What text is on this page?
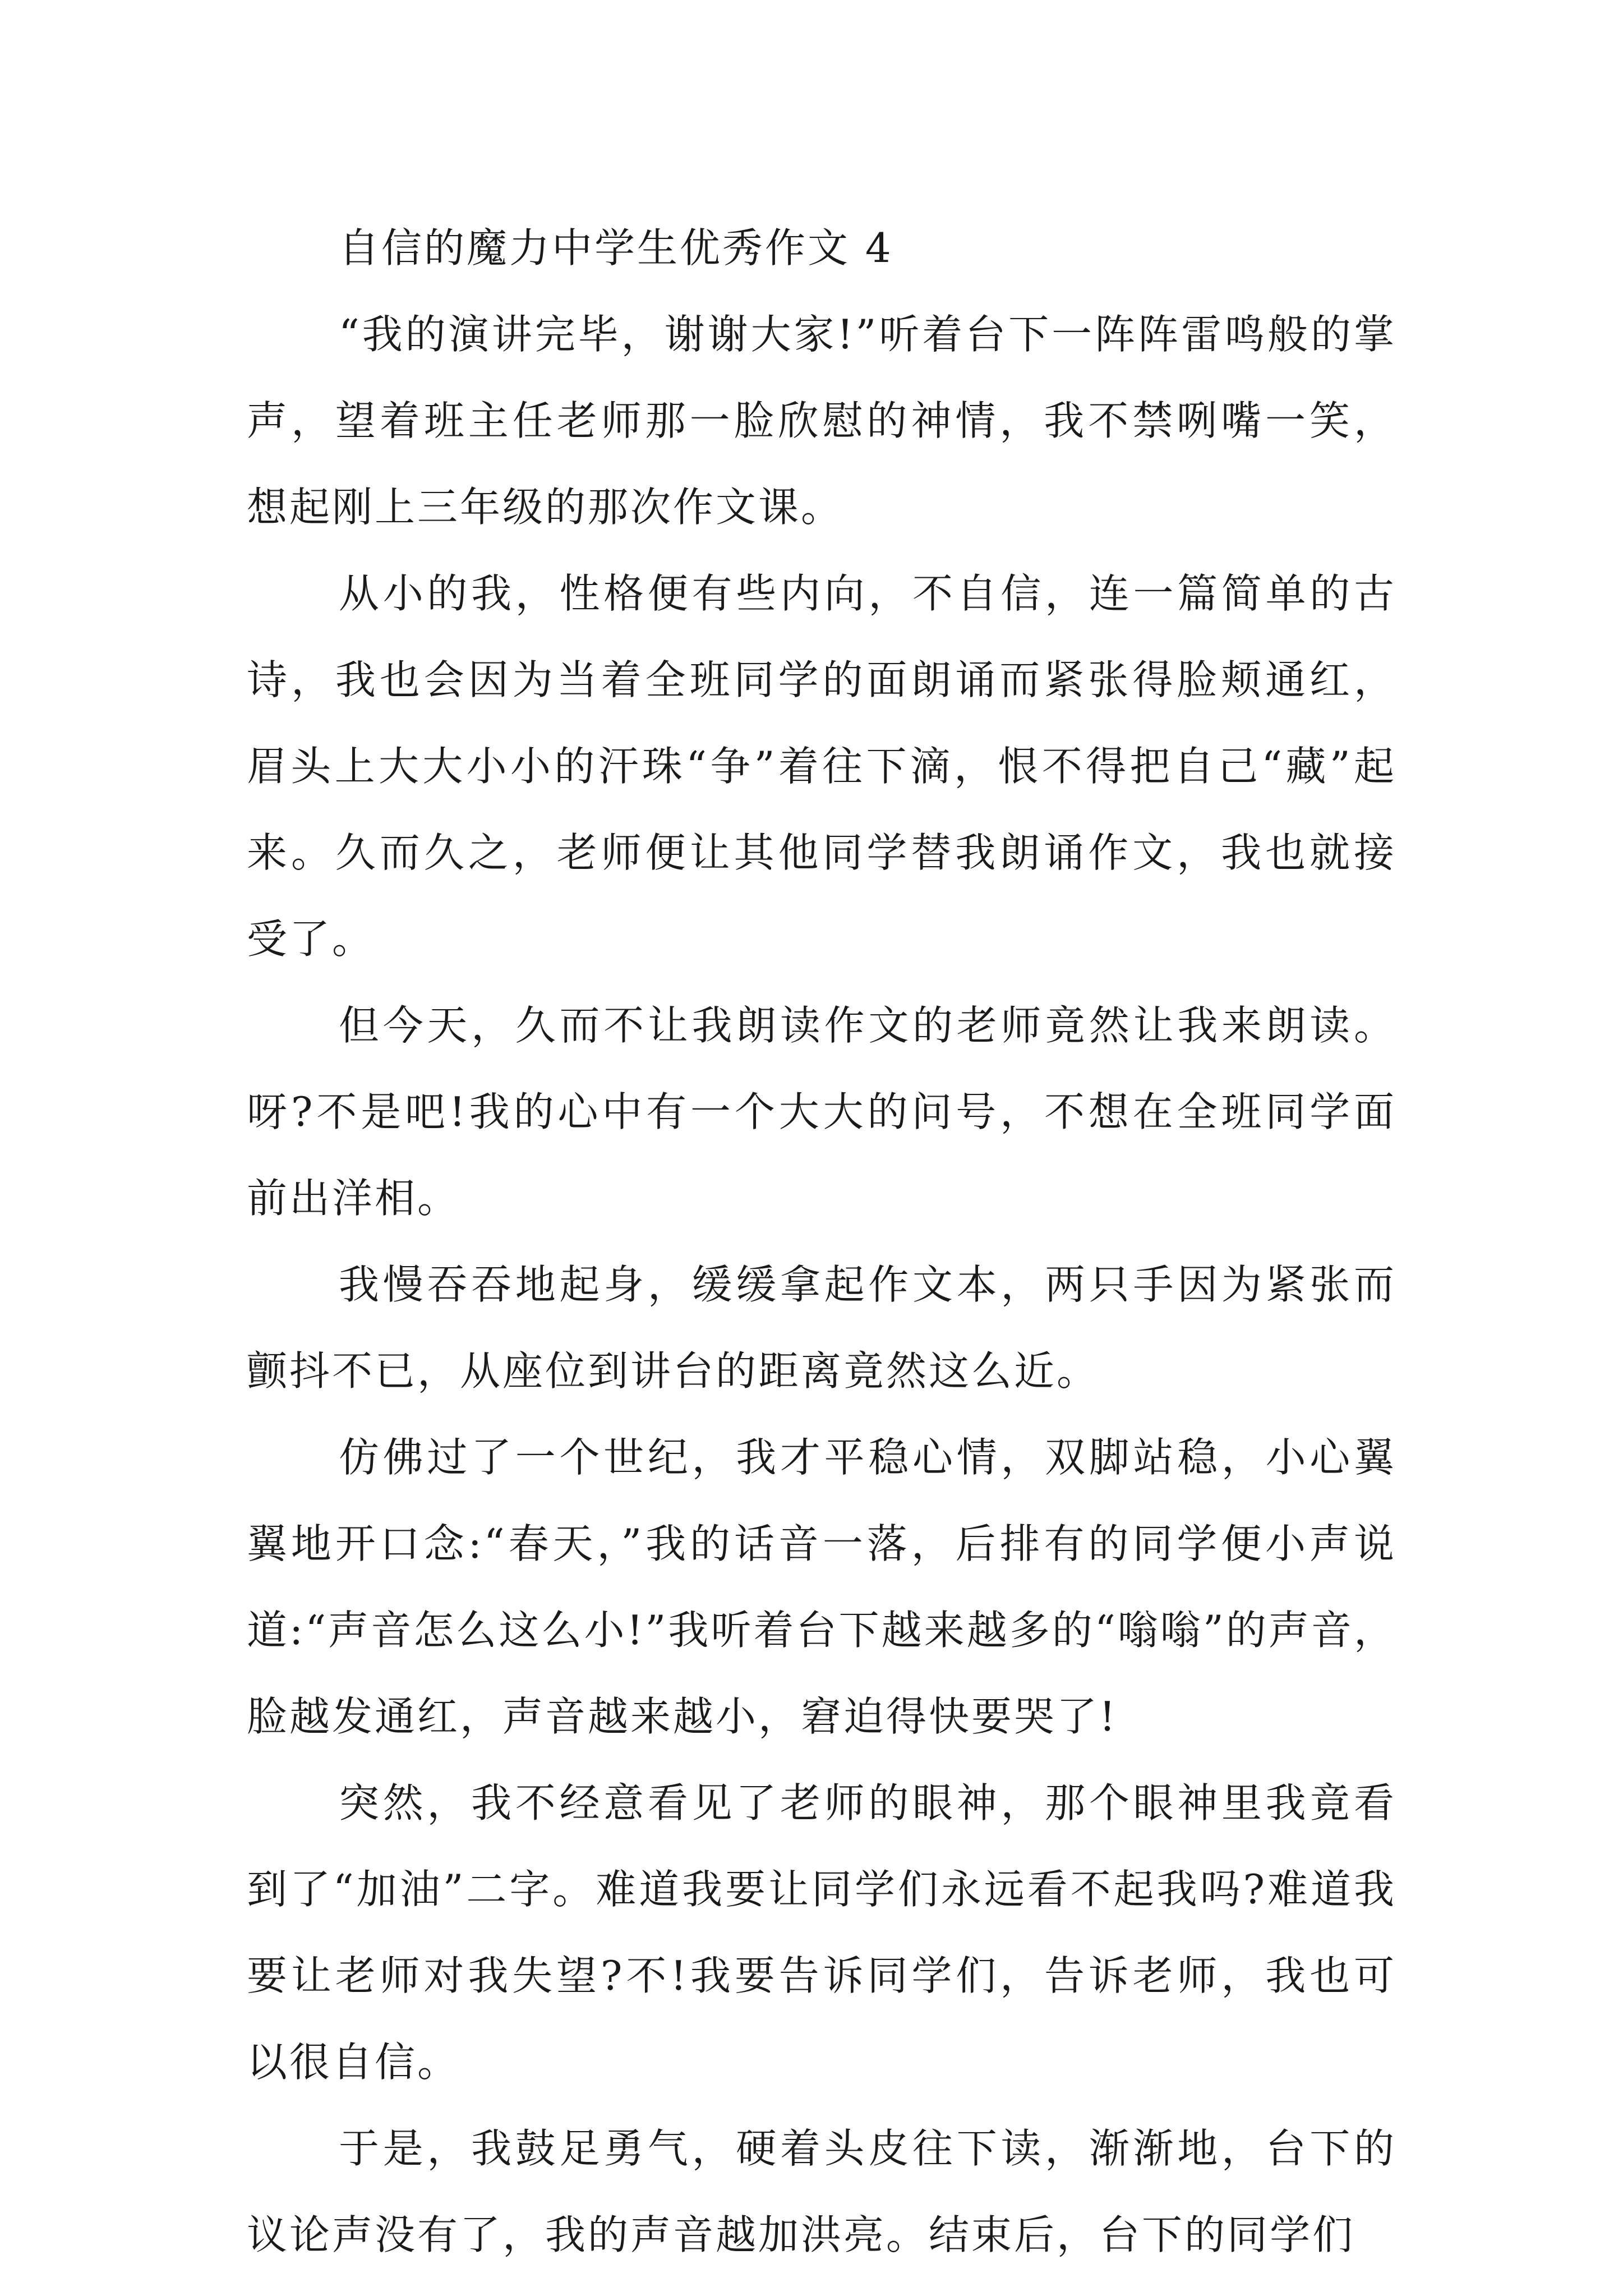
自信的魔力中学生优秀作文 4

“我的演讲完毕，谢谢大家!”听着台下一阵阵雷鸣般的掌声，望着班主任老师那一脸欣慰的神情，我不禁咧嘴一笑，想起刚上三年级的那次作文课。

从小的我，性格便有些内向，不自信，连一篇简单的古诗，我也会因为当着全班同学的面朗诵而紧张得脸颊通红，眉头上大大小小的汗珠“争”着往下滴，恨不得把自己“藏”起来。久而久之，老师便让其他同学替我朗诵作文，我也就接受了。

但今天，久而不让我朗读作文的老师竟然让我来朗读。呀?不是吧!我的心中有一个大大的问号，不想在全班同学面前出洋相。

我慢吞吞地起身，缓缓拿起作文本，两只手因为紧张而颤抖不已，从座位到讲台的距离竟然这么近。

仿佛过了一个世纪，我才平稳心情，双脚站稳，小心翼翼地开口念:“春天，”我的话音一落，后排有的同学便小声说道:“声音怎么这么小!”我听着台下越来越多的“嗡嗡”的声音，脸越发通红，声音越来越小，窘迫得快要哭了!

突然，我不经意看见了老师的眼神，那个眼神里我竟看到了“加油”二字。难道我要让同学们永远看不起我吗?难道我要让老师对我失望?不!我要告诉同学们，告诉老师，我也可以很自信。

于是，我鼓足勇气，硬着头皮往下读，渐渐地，台下的议论声没有了，我的声音越加洪亮。结束后，台下的同学们
